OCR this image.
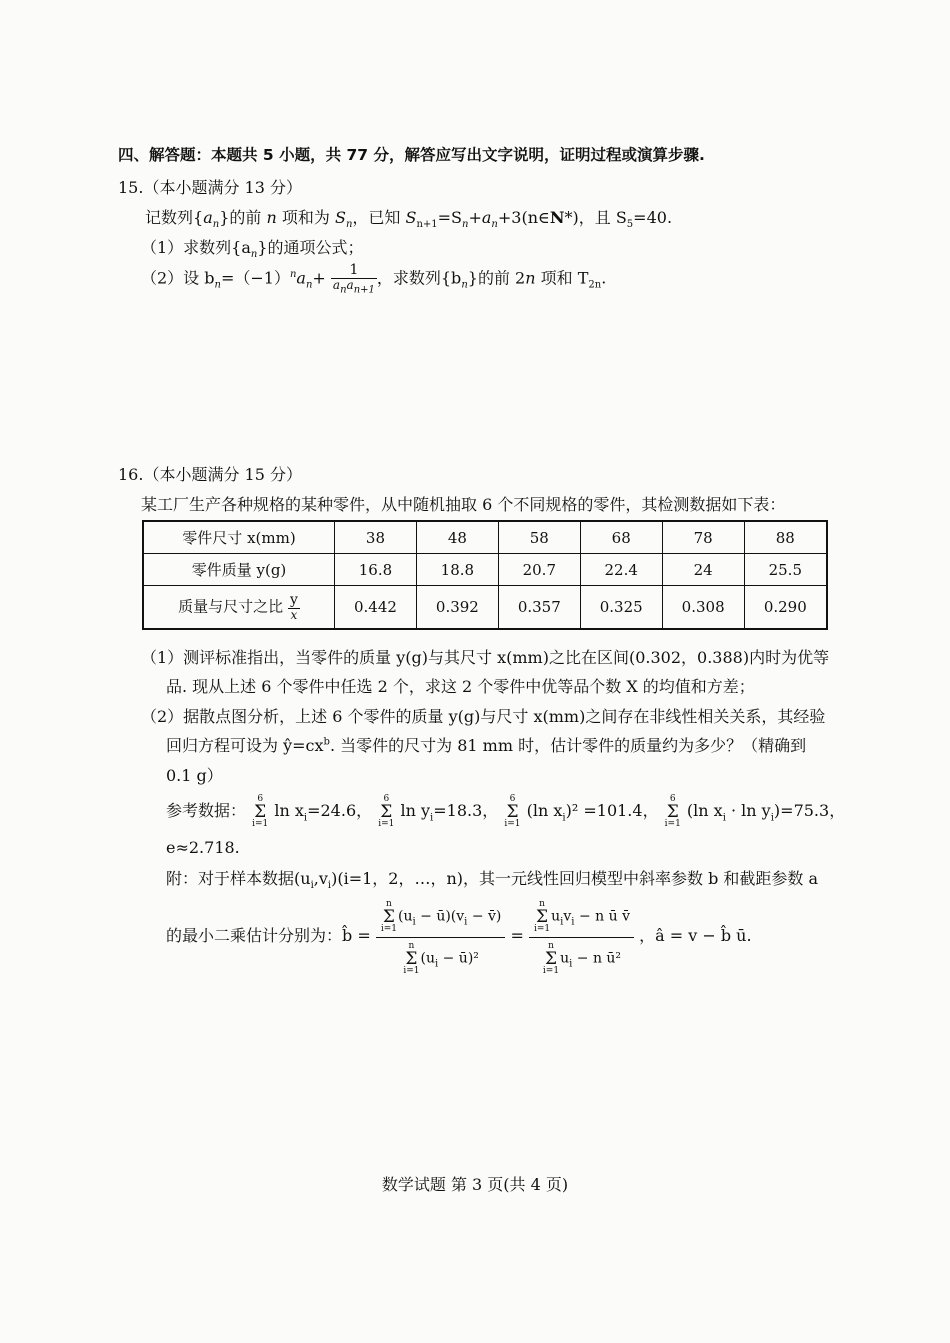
四、解答题：本题共 5 小题，共 77 分，解答应写出文字说明，证明过程或演算步骤.
15.（本小题满分 13 分）
记数列$\{a_n\}$的前 n 项和为 $S_n$，已知 $S_{n+1}=S_n+a_n+3(n\in N*)$，且 $S_5=40$.
（1）求数列$\{a_n\}$的通项公式；
（2）设 $b_n=(-1)^na_n+ \frac{1}{a_na_{n+1}}$ ，求数列$\{b_n\}$的前 2n 项和 $T_{2n}$.
16.（本小题满分 15 分）
某工厂生产各种规格的某种零件，从中随机抽取 6 个不同规格的零件，其检测数据如下表：
零件尺寸 x(mm)	38	48	58	68	78	88
零件质量 y(g)	16.8	18.8	20.7	22.4	24	25.5
质量与尺寸之比 $\frac{y}{x}$	0.442	0.392	0.357	0.325	0.308	0.290
（1）测评标准指出，当零件的质量 y(g)与其尺寸 x(mm)之比在区间(0.302，0.388)内时为优等
品. 现从上述 6 个零件中任选 2 个，求这 2 个零件中优等品个数 X 的均值和方差；
（2）据散点图分析，上述 6 个零件的质量 y(g)与尺寸 x(mm)之间存在非线性相关关系，其经验
回归方程可设为 $ŷ=cx^b$. 当零件的尺寸为 81 mm 时，估计零件的质量约为多少？（精确到
0.1 g）
参考数据： 6
Σ
i=1 $\ln x_i=24.6$， 6
Σ
i=1 $\ln y_i=18.3$， 6
Σ
i=1 (ln $x_i)^2 =101.4$， 6
Σ
i=1 (ln $x_i \cdot \ln y_i)=75.3$，
e≈2.718.
附：对于样本数据$(u_i,v_i)(i=1$，2，…，n)，其一元线性回归模型中斜率参数 b 和截距参数 a
的最小二乘估计分别为：b̂ =
n
Σ
$i=1(u_i$ − $ū)(v_i$ − v̄)
n
Σ
$i=1(u_i$ − ū)²
=
n
Σ
$i=1u_iv_i - n$ ū v̄
n
Σ
$i=1u_i - n$ ū²
，â = v − b̂ ū.
数学试题 第 3 页(共 4 页)
